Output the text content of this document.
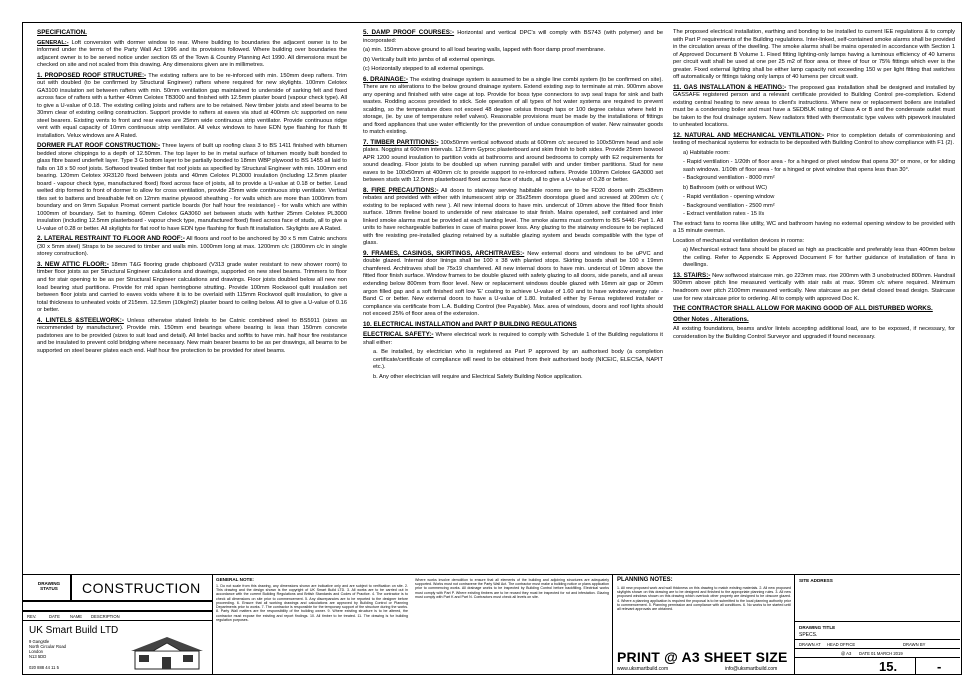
SPECIFICATION.
GENERAL:- Loft conversion with dormer window to rear. Where building to boundaries the adjacent owner is to be informed under the terms of the Party Wall Act 1996 and its provisions followed. Where building over boundaries the adjacent owner is to be served notice under section 65 of the Town & Country Planning Act 1990. All dimensions must be checked on site and not scaled from this drawing. Any dimensions given are in millimetres.
1. PROPOSED ROOF STRUCTURE:- The existing rafters are to be re-inforced with min. 150mm deep rafters. Trim out with doubled (to be confirmed by Structural Engineer) rafters where required for new skylights. 100mm Celotex GA3100 insulation set between rafters with min. 50mm ventilation gap maintained to underside of sarking felt and fixed across face of rafters with a further 40mm Celotex TB3000 and finished with 12.5mm plaster board (vapour check type). All to give a U-value of 0.18. The existing ceiling joists and rafters are to be retained. New timber joists and steel beams to be 30mm clear of existing ceiling construction. Support provide to rafters at eaves via stud at 400mm c/c supported on new steel bearers. Existing vents to front and rear eaves are 25mm wide continuous strip ventilator. Provide continuous ridge vent with equal capacity of 10mm continuous strip ventilator. All velux windows to have EDN type flashing for flush fit installation. Velux windows are A Rated.
DORMER FLAT ROOF CONSTRUCTION:- Three layers of built up roofing class 3 to BS 1411 finished with bitumen bedded stone chippings to a depth of 12.50mm. The top layer to be in metal surface of bitumen mostly built bonded to glass fibre based underfelt layer. Type 3 G bottom layer to be partially bonded to 18mm WBP plywood to BS 1455 all laid to falls on 18 x 50 roof joists. Softwood treated timber flat roof joists as specified by Structural Engineer with min. 100mm end bearing. 120mm Celotex XR3120 fixed between joists and 40mm Celotex PL3000 insulation (including 12.5mm plaster board - vapour check type, manufactured fixed) fixed across face of joists, all to provide a U-value at 0.18 or better. Lead welted drip formed to front of dormer to allow for cross ventilation, provide 25mm wide continuous strip ventilator. Vertical tiles set to battens and breathable felt on 12mm marine plywood sheathing - for walls which are more than 1000mm from boundary and on 9mm Supalux Promat cement particle boards (for half hour fire resistance) - for walls which are within 1000mm of boundary. Set to framing. 60mm Celotex GA3060 set between studs with further 25mm Celotex PL3000 insulation (including 12.5mm plasterboard - vapour check type, manufactured fixed) fixed across face of studs, all to give a U-value of 0.28 or better. All skylights for flat roof to have EDN type flashing for flush fit installation. Skylights are A Rated.
2. LATERAL RESTRAINT TO FLOOR AND ROOF:- All floors and roof to be anchored by 30 x 5 mm Catnic anchors (30 x 5mm steel) Straps to be secured to timber and walls min. 1000mm long at max. 1200mm c/c (1800mm c/c in single storey construction).
3. NEW ATTIC FLOOR:- 18mm T&G flooring grade chipboard (V313 grade water resistant to new shower room) to timber floor joists as per Structural Engineer calculations and drawings, supported on new steel beams. Trimmers to floor and for stair opening to be as per Structural Engineer calculations and drawings. Floor joists doubled below all new non load bearing stud partitions. Provide for mid span herringbone strutting. Provide 100mm Rockwool quilt insulation set between floor joists and carried to eaves voids where it is to be overlaid with 115mm Rockwool quilt insulation, to give a total thickness to unheated voids of 215mm. 12.5mm (10kg/m2) plaster board to ceiling below. All to give a U-value of 0.16 or better.
4. LINTELS &STEELWORK:- Unless otherwise stated lintels to be Catnic combined steel to BS5911 (sizes as recommended by manufacturer). Provide min. 150mm end bearings where bearing is less than 150mm concrete padstones are to be provided (sizes to suit load and detail). All lintel backs and soffits to have min. half hour fire resistance and be insulated to prevent cold bridging where necessary. New main bearer beams to be as per drawings, all beams to be supported on steel bearer plates each end. Half hour fire protection to be provided for steel beams.
5. DAMP PROOF COURSES:- Horizontal and vertical DPC's will comply with BS743 (with polymer) and be incorporated:
(a) min. 150mm above ground to all load bearing walls, lapped with floor damp proof membrane.
(b) Vertically built into jambs of all external openings.
(c) Horizontally stepped to all external openings.
6. DRAINAGE:- The existing drainage system is assumed to be a single line combi system (to be confirmed on site). There are no alterations to the below ground drainage system. Extend existing svp to terminate at min. 900mm above any opening and finished with wire cage at top. Provide for boss type connectors to svp seal traps for sink and bath wastes. Rodding access provided to stick. Sole operation of all types of hot water systems are required to prevent scalding, so the temperature does not exceed 48 degree celsius through taps or 100 degree celsius where held in storage, (ie. by use of temperature relief valves). Reasonable provisions must be made by the installations of fittings and fixed appliances that use water efficiently for the prevention of undue consumption of water. New rainwater goods to match existing.
7. TIMBER PARTITIONS:- 100x50mm vertical softwood studs at 600mm c/c secured to 100x50mm head and sole plates. Noggins at 600mm intervals. 12.5mm Gyproc plasterboard and skim finish to both sides. Provide 25mm Isowool APR 1200 sound insulation to partition voids at bathrooms and around bedrooms to comply with E2 requirements for sound deading. Floor joists to be doubled up when running parallel with and under timber partitions. Stud for new eaves to be 100x50mm at 400mm c/c to provide support to re-inforced rafters. Provide 100mm Celotex GA3000 set between studs with 12.5mm plasterboard fixed across face of studs, all to give a U-value of 0.28 or better.
8. FIRE PRECAUTIONS:- All doors to stairway serving habitable rooms are to be FD20 doors with 25x38mm rebates and provided with either with intumescent strip or 35x25mm doorstops glued and screwed at 200mm c/c ( existing to be replaced with new ). All new internal doors to have min. undercut of 10mm above the fitted floor finish surface. 18mm fireline board to underside of new staircase to stair finish. Mains operated, self contained and inter linked smoke alarms must be provided at each landing level. The smoke alarms must conform to BS 5446: Part 1. All units to have rechargeable batteries in case of mains power loss. Any glazing to the stairway enclosure to be replaced with fire resisting pre-installed glazing retained by a suitable glazing system and beads compatible with the type of glass.
9. FRAMES, CASINGS, SKIRTINGS, ARCHITRAVES:- New external doors and windows to be uPVC and double glazed. Internal door linings shall be 100 x 38 with planted stops. Skirting boards shall be 100 x 19mm chamfered. Architraves shall be 75x19 chamfered. All new internal doors to have min. undercut of 10mm above the fitted floor finish surface. Window frames to be double glazed with safety glazing to all doors, side panels, and all areas extending below 800mm from floor level. New or replacement windows double glazed with 16mm air gap or 20mm argon filled gap and a soft finished soft low 'E' coating to achieve U-value of 1.60 and to have window energy rate - Band C or better. New external doors to have a U-value of 1.80. Installed either by Fensa registered installer or compliance via certificate from L.A. Building Control (fee Payable). Max. area of windows, doors and roof lights should not exceed 25% of floor area of the extension.
10. ELECTRICAL INSTALLATION and PART P BUILDING REGULATIONS
ELECTRICAL SAFETY:- Where electrical work is required to comply with Schedule 1 of the Building regulations it shall either:
a. Be installed, by electrician who is registered as Part P approved by an authorised body (a completion certificate/certificate of compliance will need to be obtained from their authorised body (NICEIC, ELECSA, NAPIT etc.).
b. Any other electrician will require and Electrical Safety Building Notice application.
The proposed electrical installation, earthing and bonding to be installed to current IEE regulations & to comply with Part P requirements of the Building regulations. Inter-linked, self-contained smoke alarms shall be provided in the circulation areas of the dwelling. The smoke alarms shall be mains operated in accordance with Section 1 of Approved Document B Volume 1. Fixed fitting lighting-only lamps having a luminous efficiency of 40 lumens per circuit watt shall be used at one per 25 m2 of floor area or three of four or 75% fittings which ever is the greater. Fixed external lighting shall be either lamp capacity not exceeding 150 w per light fitting that switches off automatically or fittings taking only lamps of 40 lumens per circuit watt.
11. GAS INSTALLATION & HEATING:- The proposed gas installation shall be designed and installed by GASSAFE registered person and a relevant certificate provided to Building Control pre-completion. Extend existing central heating to new areas to client's instructions. Where new or replacement boilers are installed must be a condensing boiler and must have a SEDBUK rating of Class A or B and the condensate outlet must be taken to the foul drainage system. New radiators fitted with thermostatic type valves with pipework insulated to unheated locations.
12. NATURAL AND MECHANICAL VENTILATION:- Prior to completion details of commissioning and testing of mechanical systems for extracts to be deposited with Building Control to show compliance with F1 (2).
a) Habitable room:
- Rapid ventilation - 1/20th of floor area - for a hinged or pivot window that opens 30° or more, or for sliding sash windows. 1/10th of floor area - for a hinged or pivot window that opens less than 30°.
- Background ventilation - 8000 mm²
b) Bathroom (with or without WC)
- Rapid ventilation - opening window
- Background ventilation - 2500 mm²
- Extract ventilation rates - 15 l/s
The extract fans to rooms like utility, WC and bathroom having no external opening window to be provided with a 15 minute overrun.
Location of mechanical ventilation devices in rooms:
a) Mechanical extract fans should be placed as high as practicable and preferably less than 400mm below the ceiling. Refer to Appendix E Approved Document F for further guidance of installation of fans in dwellings.
13. STAIRS:- New softwood staircase min. go 223mm max. rise 200mm with 3 unobstructed 800mm. Handrail 900mm above pitch line measured vertically with stair rails at max. 99mm c/c where required. Minimum headroom over pitch 2100mm measured vertically. New staircase as per detail closed tread design. Staircase use for new staircase prior to ordering. All to comply with approved Doc K.
THE CONTRACTOR SHALL ALLOW FOR MAKING GOOD OF ALL DISTURBED WORKS.
Other Notes . Alterations.
All existing foundations, beams and/or lintels accepting additional load, are to be exposed, if necessary, for consideration by the Building Control Surveyor and upgraded if found necessary.
DRAWING STATUS	CONSTRUCTION
REV.	DATE NAME DESCRIPTION
UK Smart Build LTD
9 Gangstle
North Circular Road
London
N13 5DD
020 888 44 11 5
GENERAL NOTE:
1. Do not scale from this drawing, any dimensions shown are indicative only and are subject to verification on site. 2. This drawing and the design shown is the copyright of UK Smart Build LTD. 3. All works are to be carried out in accordance with the current Building Regulations and British Standards and Codes of Practice. 4. The contractor is to check all dimensions on site prior to commencement. 5. Any discrepancies are to be reported to the designer before proceeding. 6. Ensure that all working drawings and calculations are approved by Building Control or Planning Departments prior to works. 7. The contractor is responsible for the temporary support of the structure during the works. 8. Party Wall matters are the responsibility of the building owner. 9. Where existing structure is to be altered, the contractor must expose the existing and report findings. 10. All timber to be treated. 11. The drawing is for building regulation purposes.
Where works involve demolition to ensure that all elements of the building and adjoining structures are adequately supported. Works must not contravene the Party Wall Act. The contractor must make a building notice or plans application prior to commencing works. All drainage works to be inspected by Building Control before backfilling. Electrical works must comply with Part P. Where existing timbers are to be reused they must be inspected for rot and infestation. Glazing must comply with Part K and Part N. Contractors must check all levels on site.
PLANNING NOTES:
1. All new proposed work and wall thickness on this drawing to match existing materials. 2. All new proposed skylights shown on this drawing are to be designed and finished to the appropriate planning rules. 3. All new proposed windows shown on this drawing which overlook other property are designed to be obscure glazed. 4. Where a planning application is required the proposal is to be submitted to the local planning authority prior to commencement. 5. Planning permission and compliance with all conditions. 6. No works to be started until all relevant approvals are obtained.
PRINT @ A3 SHEET SIZE
www.uksmartbuild.com	info@uksmartbuild.com
SITE ADDRESS
DRAWING TITLE
SPECS.
DRAWN AT HEAD OFFICE	DRAWN BY
@ A3 DATE 01 MARCH 2019
15.	-
